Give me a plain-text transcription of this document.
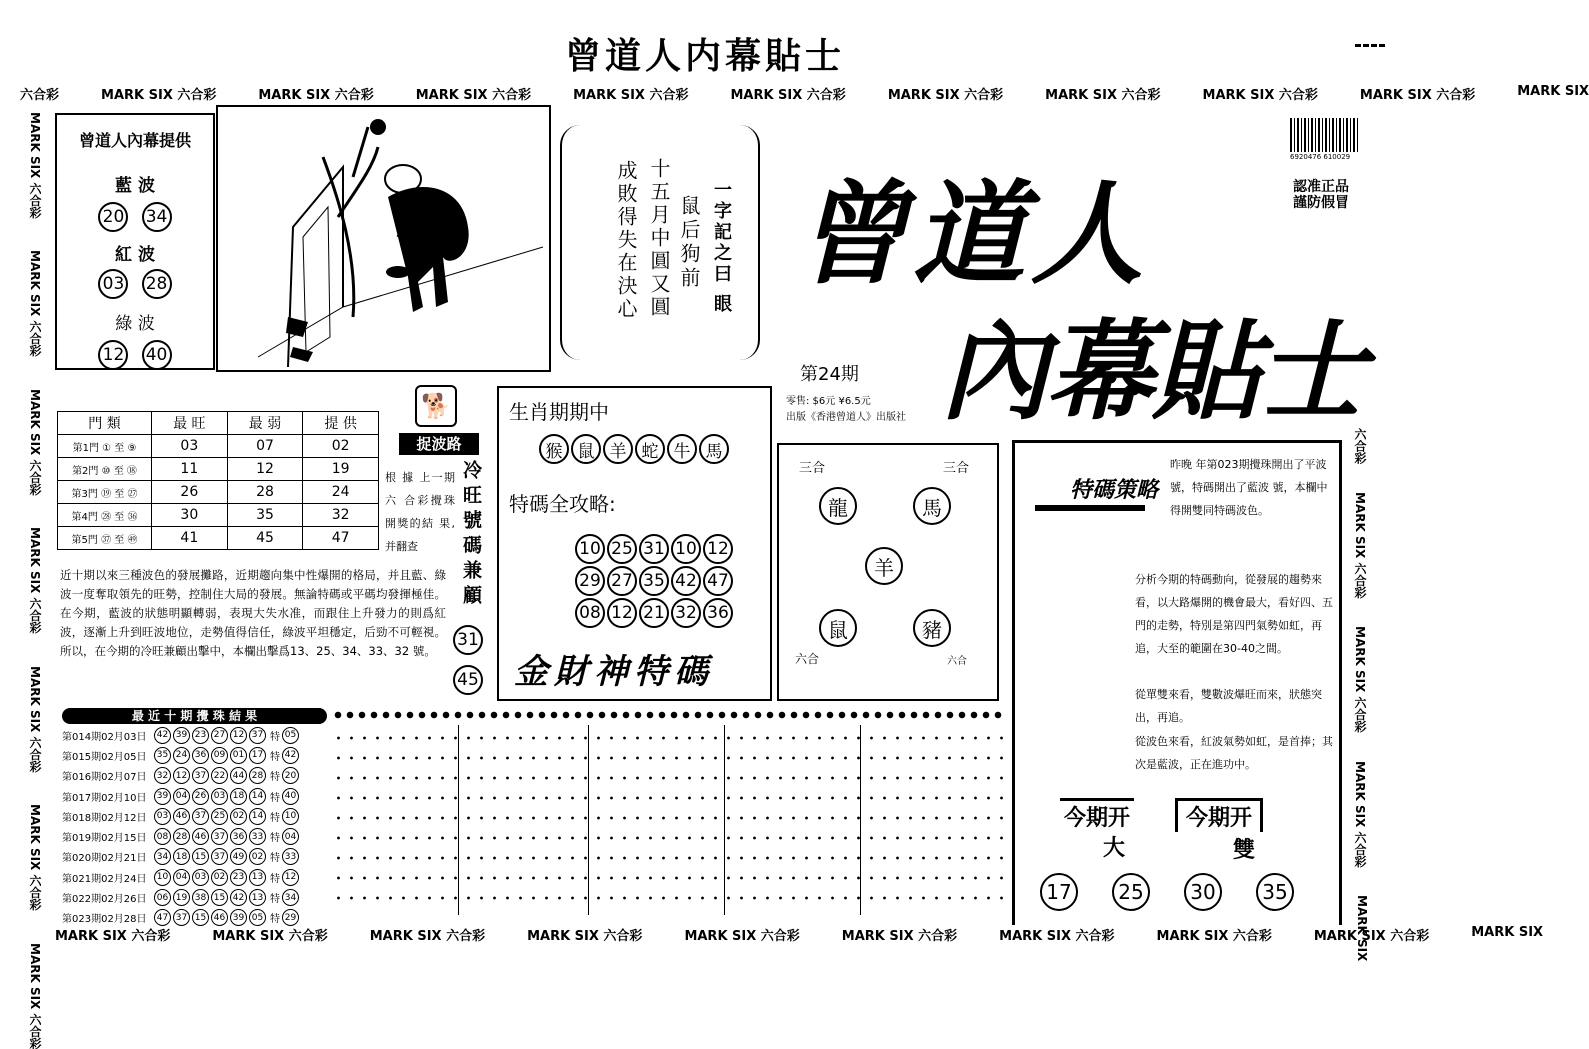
曾道人内幕貼士
六合彩	MARK SIX 六合彩	MARK SIX 六合彩	MARK SIX 六合彩	MARK SIX 六合彩	MARK SIX 六合彩	MARK SIX 六合彩	MARK SIX 六合彩	MARK SIX 六合彩	MARK SIX 六合彩	MARK SIX
MARK SIX 六合彩	MARK SIX 六合彩	MARK SIX 六合彩	MARK SIX 六合彩	MARK SIX 六合彩	MARK SIX 六合彩	MARK SIX 六合彩	MARK SIX 六合彩	MARK SIX 六合彩	MARK SIX
MARK SIX 六合彩
MARK SIX 六合彩
MARK SIX 六合彩
MARK SIX 六合彩
MARK SIX 六合彩
MARK SIX 六合彩
MARK SIX 六合彩
六合彩
MARK SIX 六合彩
MARK SIX 六合彩
MARK SIX 六合彩
MARK SIX
曾道人內幕提供
藍 波
20 34
紅 波
03 28
綠 波
12 40
一字記之曰 眼
鼠后狗前
十五月中圓又圓
成敗得失在決心
6920476 610029
認准正品
謹防假冒
曾道人
內幕貼士
第24期
零售: $6元 ¥6.5元
出版《香港曾道人》出版社
門 類	最 旺	最 弱	提 供
第1門 ① 至 ⑨	03	07	02
第2門 ⑩ 至 ⑱	11	12	19
第3門 ⑲ 至 ㉗	26	28	24
第4門 ㉘ 至 ㊱	30	35	32
第5門 ㊲ 至 ㊾	41	45	47
🐕
捉波路
冷旺號碼兼顧
根 據 上一期六 合彩攪珠 開獎的結 果,并翻查
31
45
近十期以來三種波色的發展攤路，近期趨向集中性爆開的格局，并且藍、綠波一度奪取領先的旺勢，控制住大局的發展。無論特碼或平碼均發揮極佳。在今期，藍波的狀態明顯轉弱，表現大失水准，而跟住上升發力的則爲紅波，逐漸上升到旺波地位，走勢值得信任，綠波平坦穩定，后勁不可輕視。所以，在今期的冷旺兼顧出擊中，本欄出擊爲13、25、34、33、32 號。
生肖期期中
猴 鼠 羊 蛇 牛 馬
特碼全攻略:
10 25 31 10 12
29 27 35 42 47
08 12 21 32 36
金財神特碼
三合	三合
六合	六合
龍	馬
羊
鼠	豬
特碼策略
昨晚 年第023期攪珠開出了平波 號，特碼開出了藍波 號，本欄中得開雙同特碼波色。
分析今期的特碼動向，從發展的趨勢來看，以大路爆開的機會最大，看好四、五門的走勢，特別是第四門氣勢如虹，再追，大至的範圍在30-40之間。
從單雙來看，雙數波爆旺而來，狀態突出，再追。
從波色來看，紅波氣勢如虹，是首捧；其次是藍波，正在進功中。
今期开
大
今期开
雙
17	25	30	35
最 近 十 期 攪 珠 結 果
第014期02月03日	42 39 23 27 12 37 特 05
第015期02月05日	35 24 36 09 01 17 特 42
第016期02月07日	32 12 37 22 44 28 特 20
第017期02月10日	39 04 26 03 18 14 特 40
第018期02月12日	03 46 37 25 02 14 特 10
第019期02月15日	08 28 46 37 36 33 特 04
第020期02月21日	34 18 15 37 49 02 特 33
第021期02月24日	10 04 03 02 23 13 特 12
第022期02月26日	06 19 38 15 42 13 特 34
第023期02月28日	47 37 15 46 39 05 特 29
